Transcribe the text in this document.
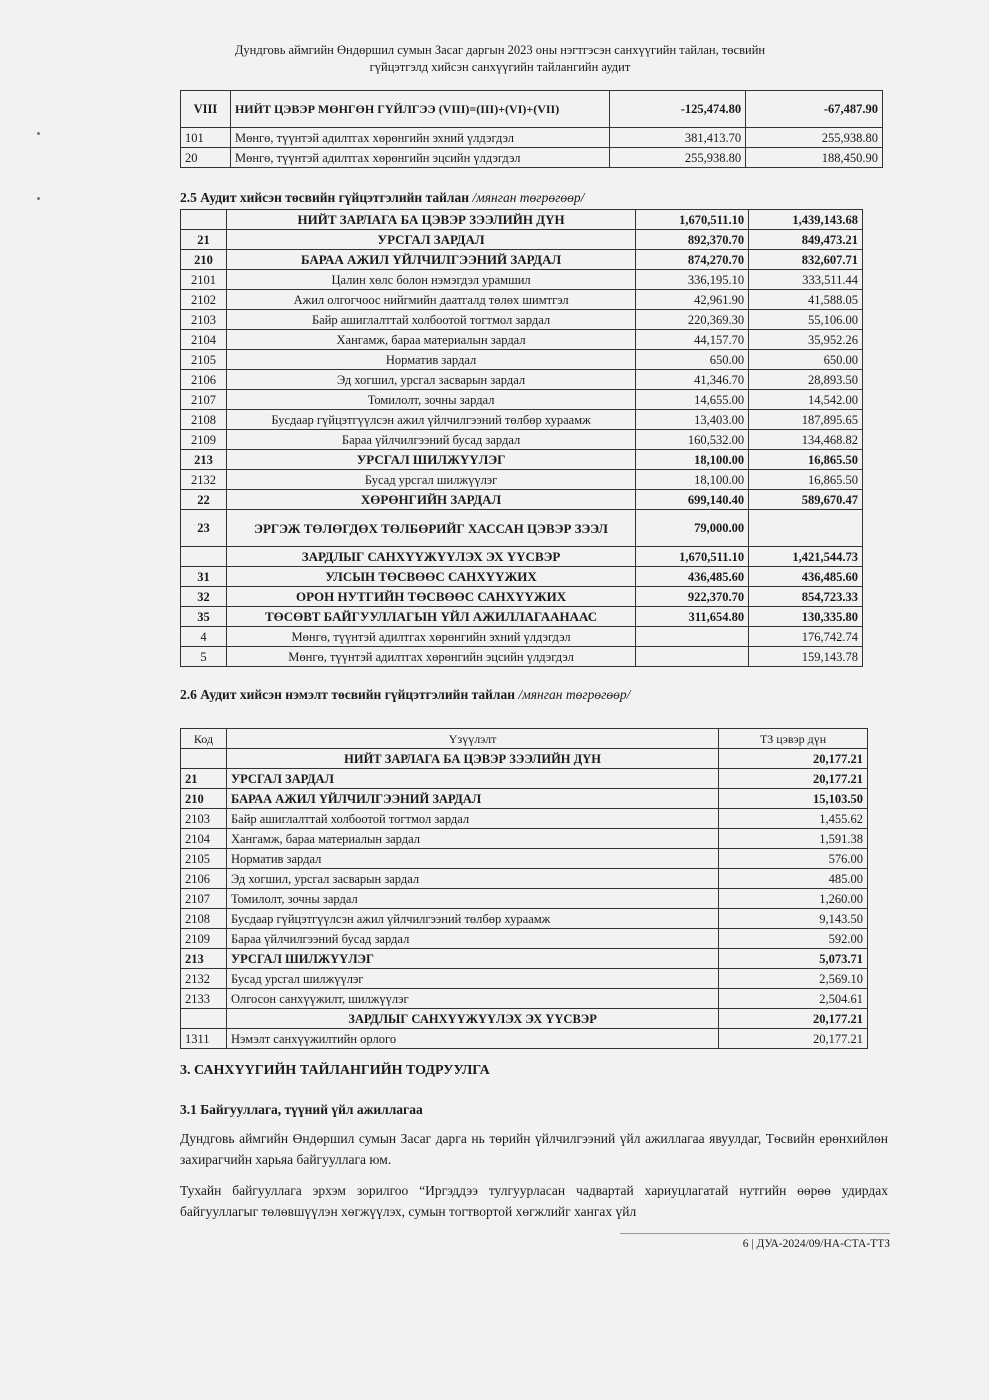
Дундговь аймгийн Өндөршил сумын Засаг даргын 2023 оны нэгтгэсэн санхүүгийн тайлан, төсвийн
гүйцэтгэлд хийсэн санхүүгийн тайлангийн аудит
VIII	НИЙТ ЦЭВЭР МӨНГӨН ГҮЙЛГЭЭ (VIII)=(III)+(VI)+(VII)	-125,474.80	-67,487.90
101	Мөнгө, түүнтэй адилтгах хөрөнгийн эхний үлдэгдэл	381,413.70	255,938.80
20	Мөнгө, түүнтэй адилтгах хөрөнгийн эцсийн үлдэгдэл	255,938.80	188,450.90
2.5 Аудит хийсэн төсвийн гүйцэтгэлийн тайлан /мянган төгрөгөөр/
	НИЙТ ЗАРЛАГА БА ЦЭВЭР ЗЭЭЛИЙН ДҮН	1,670,511.10	1,439,143.68
21	УРСГАЛ ЗАРДАЛ	892,370.70	849,473.21
210	БАРАА АЖИЛ ҮЙЛЧИЛГЭЭНИЙ ЗАРДАЛ	874,270.70	832,607.71
2101	Цалин хөлс болон нэмэгдэл урамшил	336,195.10	333,511.44
2102	Ажил олгогчоос нийгмийн даатгалд төлөх шимтгэл	42,961.90	41,588.05
2103	Байр ашиглалттай холбоотой тогтмол зардал	220,369.30	55,106.00
2104	Хангамж, бараа материалын зардал	44,157.70	35,952.26
2105	Норматив зардал	650.00	650.00
2106	Эд хогшил, урсгал засварын зардал	41,346.70	28,893.50
2107	Томилолт, зочны зардал	14,655.00	14,542.00
2108	Бусдаар гүйцэтгүүлсэн ажил үйлчилгээний төлбөр хураамж	13,403.00	187,895.65
2109	Бараа үйлчилгээний бусад зардал	160,532.00	134,468.82
213	УРСГАЛ ШИЛЖҮҮЛЭГ	18,100.00	16,865.50
2132	Бусад урсгал шилжүүлэг	18,100.00	16,865.50
22	ХӨРӨНГИЙН ЗАРДАЛ	699,140.40	589,670.47
23	ЭРГЭЖ ТӨЛӨГДӨХ ТӨЛБӨРИЙГ ХАССАН ЦЭВЭР ЗЭЭЛ	79,000.00	
	ЗАРДЛЫГ САНХҮҮЖҮҮЛЭХ ЭХ ҮҮСВЭР	1,670,511.10	1,421,544.73
31	УЛСЫН ТӨСВӨӨС САНХҮҮЖИХ	436,485.60	436,485.60
32	ОРОН НУТГИЙН ТӨСВӨӨС САНХҮҮЖИХ	922,370.70	854,723.33
35	ТӨСӨВТ БАЙГУУЛЛАГЫН ҮЙЛ АЖИЛЛАГААНААС	311,654.80	130,335.80
4	Мөнгө, түүнтэй адилтгах хөрөнгийн эхний үлдэгдэл		176,742.74
5	Мөнгө, түүнтэй адилтгах хөрөнгийн эцсийн үлдэгдэл		159,143.78
2.6 Аудит хийсэн нэмэлт төсвийн гүйцэтгэлийн тайлан /мянган төгрөгөөр/
Код	Үзүүлэлт	ТЗ цэвэр дүн
	НИЙТ ЗАРЛАГА БА ЦЭВЭР ЗЭЭЛИЙН ДҮН	20,177.21
21	УРСГАЛ ЗАРДАЛ	20,177.21
210	БАРАА АЖИЛ ҮЙЛЧИЛГЭЭНИЙ ЗАРДАЛ	15,103.50
2103	Байр ашиглалттай холбоотой тогтмол зардал	1,455.62
2104	Хангамж, бараа материалын зардал	1,591.38
2105	Норматив зардал	576.00
2106	Эд хогшил, урсгал засварын зардал	485.00
2107	Томилолт, зочны зардал	1,260.00
2108	Бусдаар гүйцэтгүүлсэн ажил үйлчилгээний төлбөр хураамж	9,143.50
2109	Бараа үйлчилгээний бусад зардал	592.00
213	УРСГАЛ ШИЛЖҮҮЛЭГ	5,073.71
2132	Бусад урсгал шилжүүлэг	2,569.10
2133	Олгосон санхүүжилт, шилжүүлэг	2,504.61
	ЗАРДЛЫГ САНХҮҮЖҮҮЛЭХ ЭХ ҮҮСВЭР	20,177.21
1311	Нэмэлт санхүүжилтийн орлого	20,177.21
3. САНХҮҮГИЙН ТАЙЛАНГИЙН ТОДРУУЛГА
3.1 Байгууллага, түүний үйл ажиллагаа
Дундговь аймгийн Өндөршил сумын Засаг дарга нь төрийн үйлчилгээний үйл ажиллагаа явуулдаг, Төсвийн ерөнхийлөн захирагчийн харьяа байгууллага юм.
Тухайн байгууллага эрхэм зорилгоо “Иргэддээ тулгуурласан чадвартай хариуцлагатай нутгийн өөрөө удирдах байгууллагыг төлөвшүүлэн хөгжүүлэх, сумын тогтвортой хөгжлийг хангах үйл
6 | ДУА-2024/09/НА-СТА-ТТЗ
